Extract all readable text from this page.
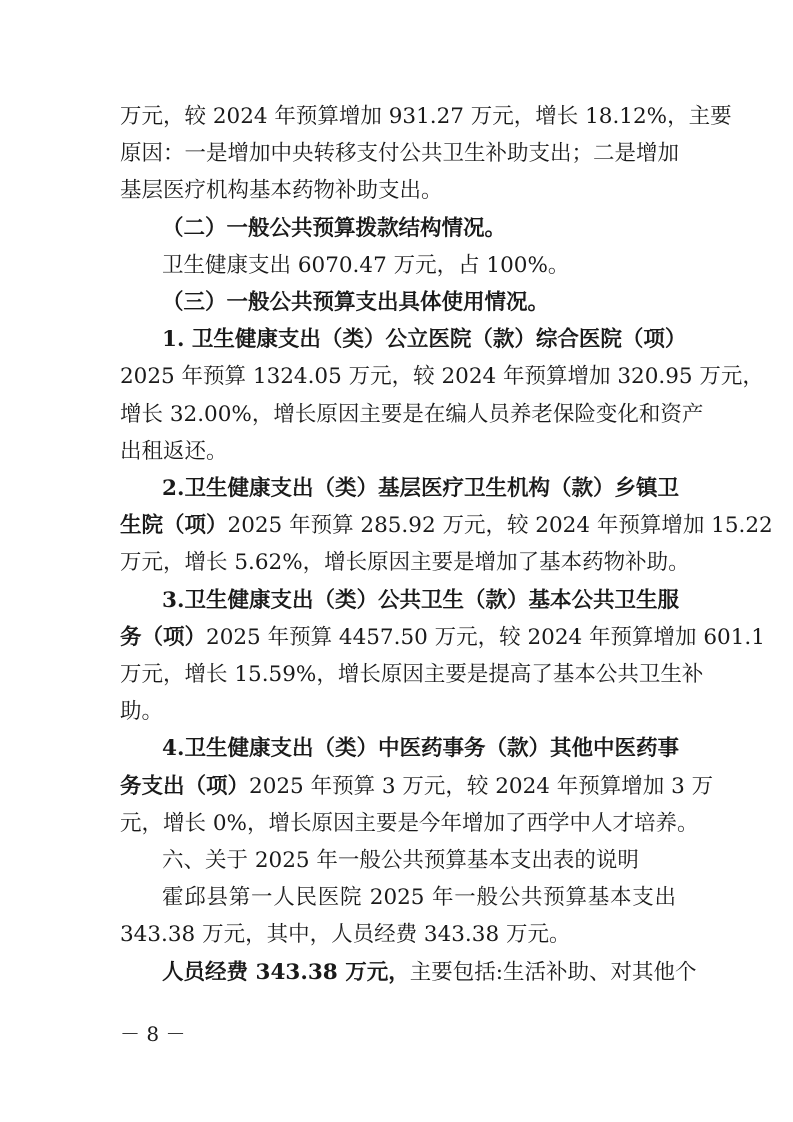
万元，较 2024 年预算增加 931.27 万元，增长 18.12%，主要
原因：一是增加中央转移支付公共卫生补助支出；二是增加
基层医疗机构基本药物补助支出。
（二）一般公共预算拨款结构情况。
卫生健康支出 6070.47 万元，占 100%。
（三）一般公共预算支出具体使用情况。
1. 卫生健康支出（类）公立医院（款）综合医院（项）
2025 年预算 1324.05 万元，较 2024 年预算增加 320.95 万元，
增长 32.00%，增长原因主要是在编人员养老保险变化和资产
出租返还。
2.卫生健康支出（类）基层医疗卫生机构（款）乡镇卫
生院（项）2025 年预算 285.92 万元，较 2024 年预算增加 15.22
万元，增长 5.62%，增长原因主要是增加了基本药物补助。
3.卫生健康支出（类）公共卫生（款）基本公共卫生服
务（项）2025 年预算 4457.50 万元，较 2024 年预算增加 601.1
万元，增长 15.59%，增长原因主要是提高了基本公共卫生补
助。
4.卫生健康支出（类）中医药事务（款）其他中医药事
务支出（项）2025 年预算 3 万元，较 2024 年预算增加 3 万
元，增长 0%，增长原因主要是今年增加了西学中人才培养。
六、关于 2025 年一般公共预算基本支出表的说明
霍邱县第一人民医院 2025 年一般公共预算基本支出
343.38 万元，其中，人员经费 343.38 万元。
人员经费 343.38 万元，主要包括:生活补助、对其他个
－ 8 －
